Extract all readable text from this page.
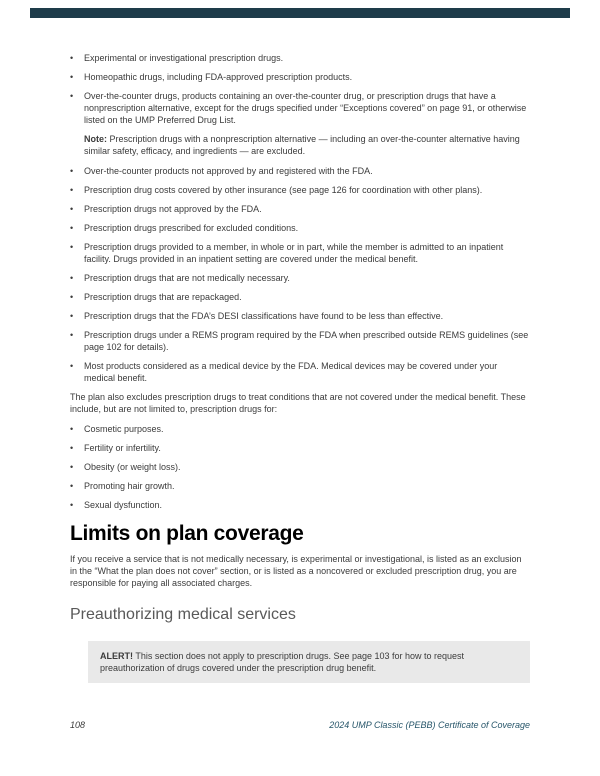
•	Experimental or investigational prescription drugs.
•	Homeopathic drugs, including FDA-approved prescription products.
•	Over-the-counter drugs, products containing an over-the-counter drug, or prescription drugs that have a nonprescription alternative, except for the drugs specified under “Exceptions covered” on page 91, or otherwise listed on the UMP Preferred Drug List.

Note: Prescription drugs with a nonprescription alternative — including an over-the-counter alternative having similar safety, efficacy, and ingredients — are excluded.

•	Over-the-counter products not approved by and registered with the FDA.
•	Prescription drug costs covered by other insurance (see page 126 for coordination with other plans).
•	Prescription drugs not approved by the FDA.
•	Prescription drugs prescribed for excluded conditions.
•	Prescription drugs provided to a member, in whole or in part, while the member is admitted to an inpatient facility. Drugs provided in an inpatient setting are covered under the medical benefit.
•	Prescription drugs that are not medically necessary.
•	Prescription drugs that are repackaged.
•	Prescription drugs that the FDA’s DESI classifications have found to be less than effective.
•	Prescription drugs under a REMS program required by the FDA when prescribed outside REMS guidelines (see page 102 for details).
•	Most products considered as a medical device by the FDA. Medical devices may be covered under your medical benefit.

The plan also excludes prescription drugs to treat conditions that are not covered under the medical benefit. These include, but are not limited to, prescription drugs for:

•	Cosmetic purposes.
•	Fertility or infertility.
•	Obesity (or weight loss).
•	Promoting hair growth.
•	Sexual dysfunction.
Limits on plan coverage

If you receive a service that is not medically necessary, is experimental or investigational, is listed as an exclusion in the “What the plan does not cover” section, or is listed as a noncovered or excluded prescription drug, you are responsible for paying all associated charges.

Preauthorizing medical services
ALERT! This section does not apply to prescription drugs. See page 103 for how to request preauthorization of drugs covered under the prescription drug benefit.
108	2024 UMP Classic (PEBB) Certificate of Coverage
